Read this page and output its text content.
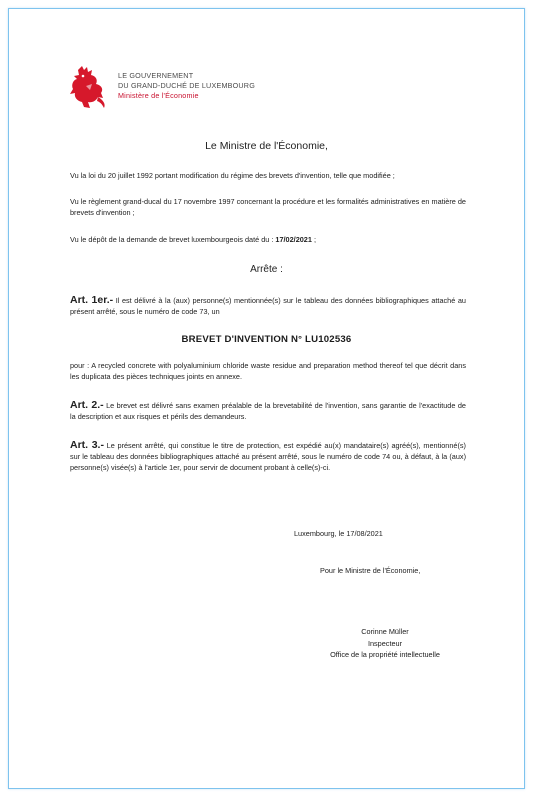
LE GOUVERNEMENT
DU GRAND-DUCHÉ DE LUXEMBOURG
Ministère de l'Économie
Le Ministre de l'Économie,
Vu la loi du 20 juillet 1992 portant modification du régime des brevets d'invention, telle que modifiée ;
Vu le règlement grand-ducal du 17 novembre 1997 concernant la procédure et les formalités administratives en matière de brevets d'invention ;
Vu le dépôt de la demande de brevet luxembourgeois daté du : 17/02/2021 ;
Arrête :
Art. 1er.- Il est délivré à la (aux) personne(s) mentionnée(s) sur le tableau des données bibliographiques attaché au présent arrêté, sous le numéro de code 73, un
BREVET D'INVENTION N° LU102536
pour : A recycled concrete with polyaluminium chloride waste residue and preparation method thereof tel que décrit dans les duplicata des pièces techniques joints en annexe.
Art. 2.- Le brevet est délivré sans examen préalable de la brevetabilité de l'invention, sans garantie de l'exactitude de la description et aux risques et périls des demandeurs.
Art. 3.- Le présent arrêté, qui constitue le titre de protection, est expédié au(x) mandataire(s) agréé(s), mentionné(s) sur le tableau des données bibliographiques attaché au présent arrêté, sous le numéro de code 74 ou, à défaut, à la (aux) personne(s) visée(s) à l'article 1er, pour servir de document probant à celle(s)-ci.
Luxembourg, le 17/08/2021
Pour le Ministre de l'Économie,
Corinne Müller
Inspecteur
Office de la propriété intellectuelle
